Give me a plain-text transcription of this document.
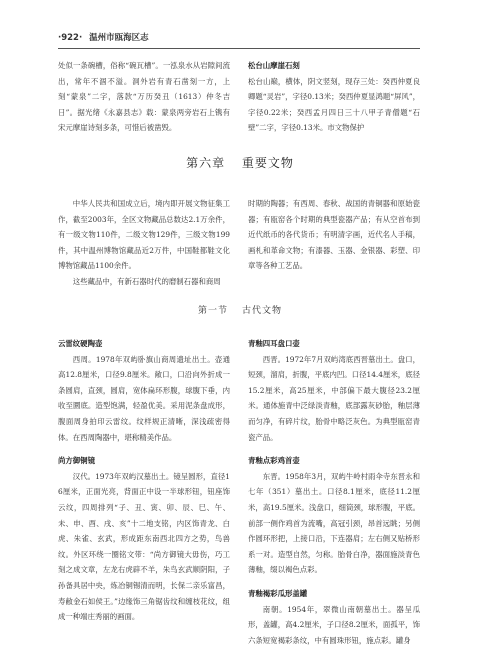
·922· 温州市瓯海区志

处似一条碗槽，俗称“碗瓦槽”。一泓泉水从岩隙间流出，常年不涸不溢。洞外岩有青石凿刻一方，上刻“蒙泉”二字，落款“万历癸丑（1613）仲冬吉日”。据光绪《永嘉县志》载：蒙泉两旁岩石上镌有宋元摩崖诗刻多条，可惜后被凿毁。

松台山摩崖石刻

松台山巅，横体，阴文竖刻，现存三处：癸西仲夏良卿题“灵岩”，字径0.13米；癸西仲夏显鸿题“屏风”，字径0.22米；癸西孟月四日三十八甲子青僧题“石壁”二字，字径0.13米。市文物保护

第六章 重要文物

中华人民共和国成立后，境内即开展文物征集工作，截至2003年，全区文物藏品总数达2.1万余件，有一级文物110件，二级文物129件，三级文物199件，其中温州博物馆藏品近2万件，中国鞋都鞋文化博物馆藏品1100余件。

这些藏品中，有新石器时代的磨制石器和商周

时期的陶器；有西周、春秋、战国的青铜器和原始瓷器；有瓯窑各个时期的典型瓷器产品；有从空首布到近代纸币的各代货币；有明清字画，近代名人手稿，画札和革命文物；有漆器、玉器、金银器、彩塑、印章等各种工艺品。

第一节 古代文物
云雷纹硬陶壶

西周。1978年双屿卧旗山商周遗址出土。壶通高12.8厘米，口径9.8厘米。敞口，口沿向外折成一条圆肩，直颈，圆肩，宽体扁环形腹，球腹下垂，内收至圜底。造型饱满，轻盈优美。采用泥条盘成形，腹面周身拍印云雷纹。纹样规正清晰，深浅疏密得体。在西周陶器中，堪称精美作品。

尚方御铜镜

汉代。1973年双屿汉墓出土。镜呈圆形，直径16厘米，正面光亮，背面正中设一半球形钮，钮座饰云纹，四周排列“子、丑、寅、卯、辰、巳、午、未、申、酉、戌、亥”十二地支铭，内区饰青龙、白虎、朱雀、玄武，形成距东南西北四方之势，鸟兽纹。外区环绕一圈铭文带：“尚方御镜大毋伤，巧工刻之成文章，左龙右虎辟不羊，朱鸟玄武顺阴阳，子孙备具居中央，炼冶铜锡清而明，长保二亲乐富昌，寿敝金石如侯王。”边缘饰三角锯齿纹和缠枝花纹，组成一种端庄秀丽的画面。

青釉四耳盘口壶

西晋。1972年7月双屿湾底西晋墓出土。盘口，短颈，溜肩，折腹，平底内凹。口径14.4厘米，底径15.2厘米，高25厘米，中部偏下最大腹径23.2厘米。通体施青中泛绿淡青釉，底部露灰砂胎，釉层薄而匀净，有碎片纹，胎骨中略泛灰色。为典型瓯窑青瓷产品。

青釉点彩鸡首壶

东晋。1958年3月，双屿牛岭村雨伞寺东晋永和七年（351）墓出土。口径8.1厘米，底径11.2厘米，高19.5厘米。浅盘口，细筒颈，球形腹，平底。前部一侧作鸡首为流嘴，高冠引颈，昂首远眺；另侧作圆环形把，上接口沿，下连器肩；左右侧又贴桥形系一对。造型自然，匀称。胎骨白净，器面施淡青色薄釉，缀以褐色点彩。

青釉褐彩瓜形盖罐

南朝。1954年，翠微山南朝墓出土。器呈瓜形，盖罐，高4.2厘米，子口径8.2厘米，面孤平，饰六条短宽褐彩条纹，中有圆珠形钮，施点彩。罐身
